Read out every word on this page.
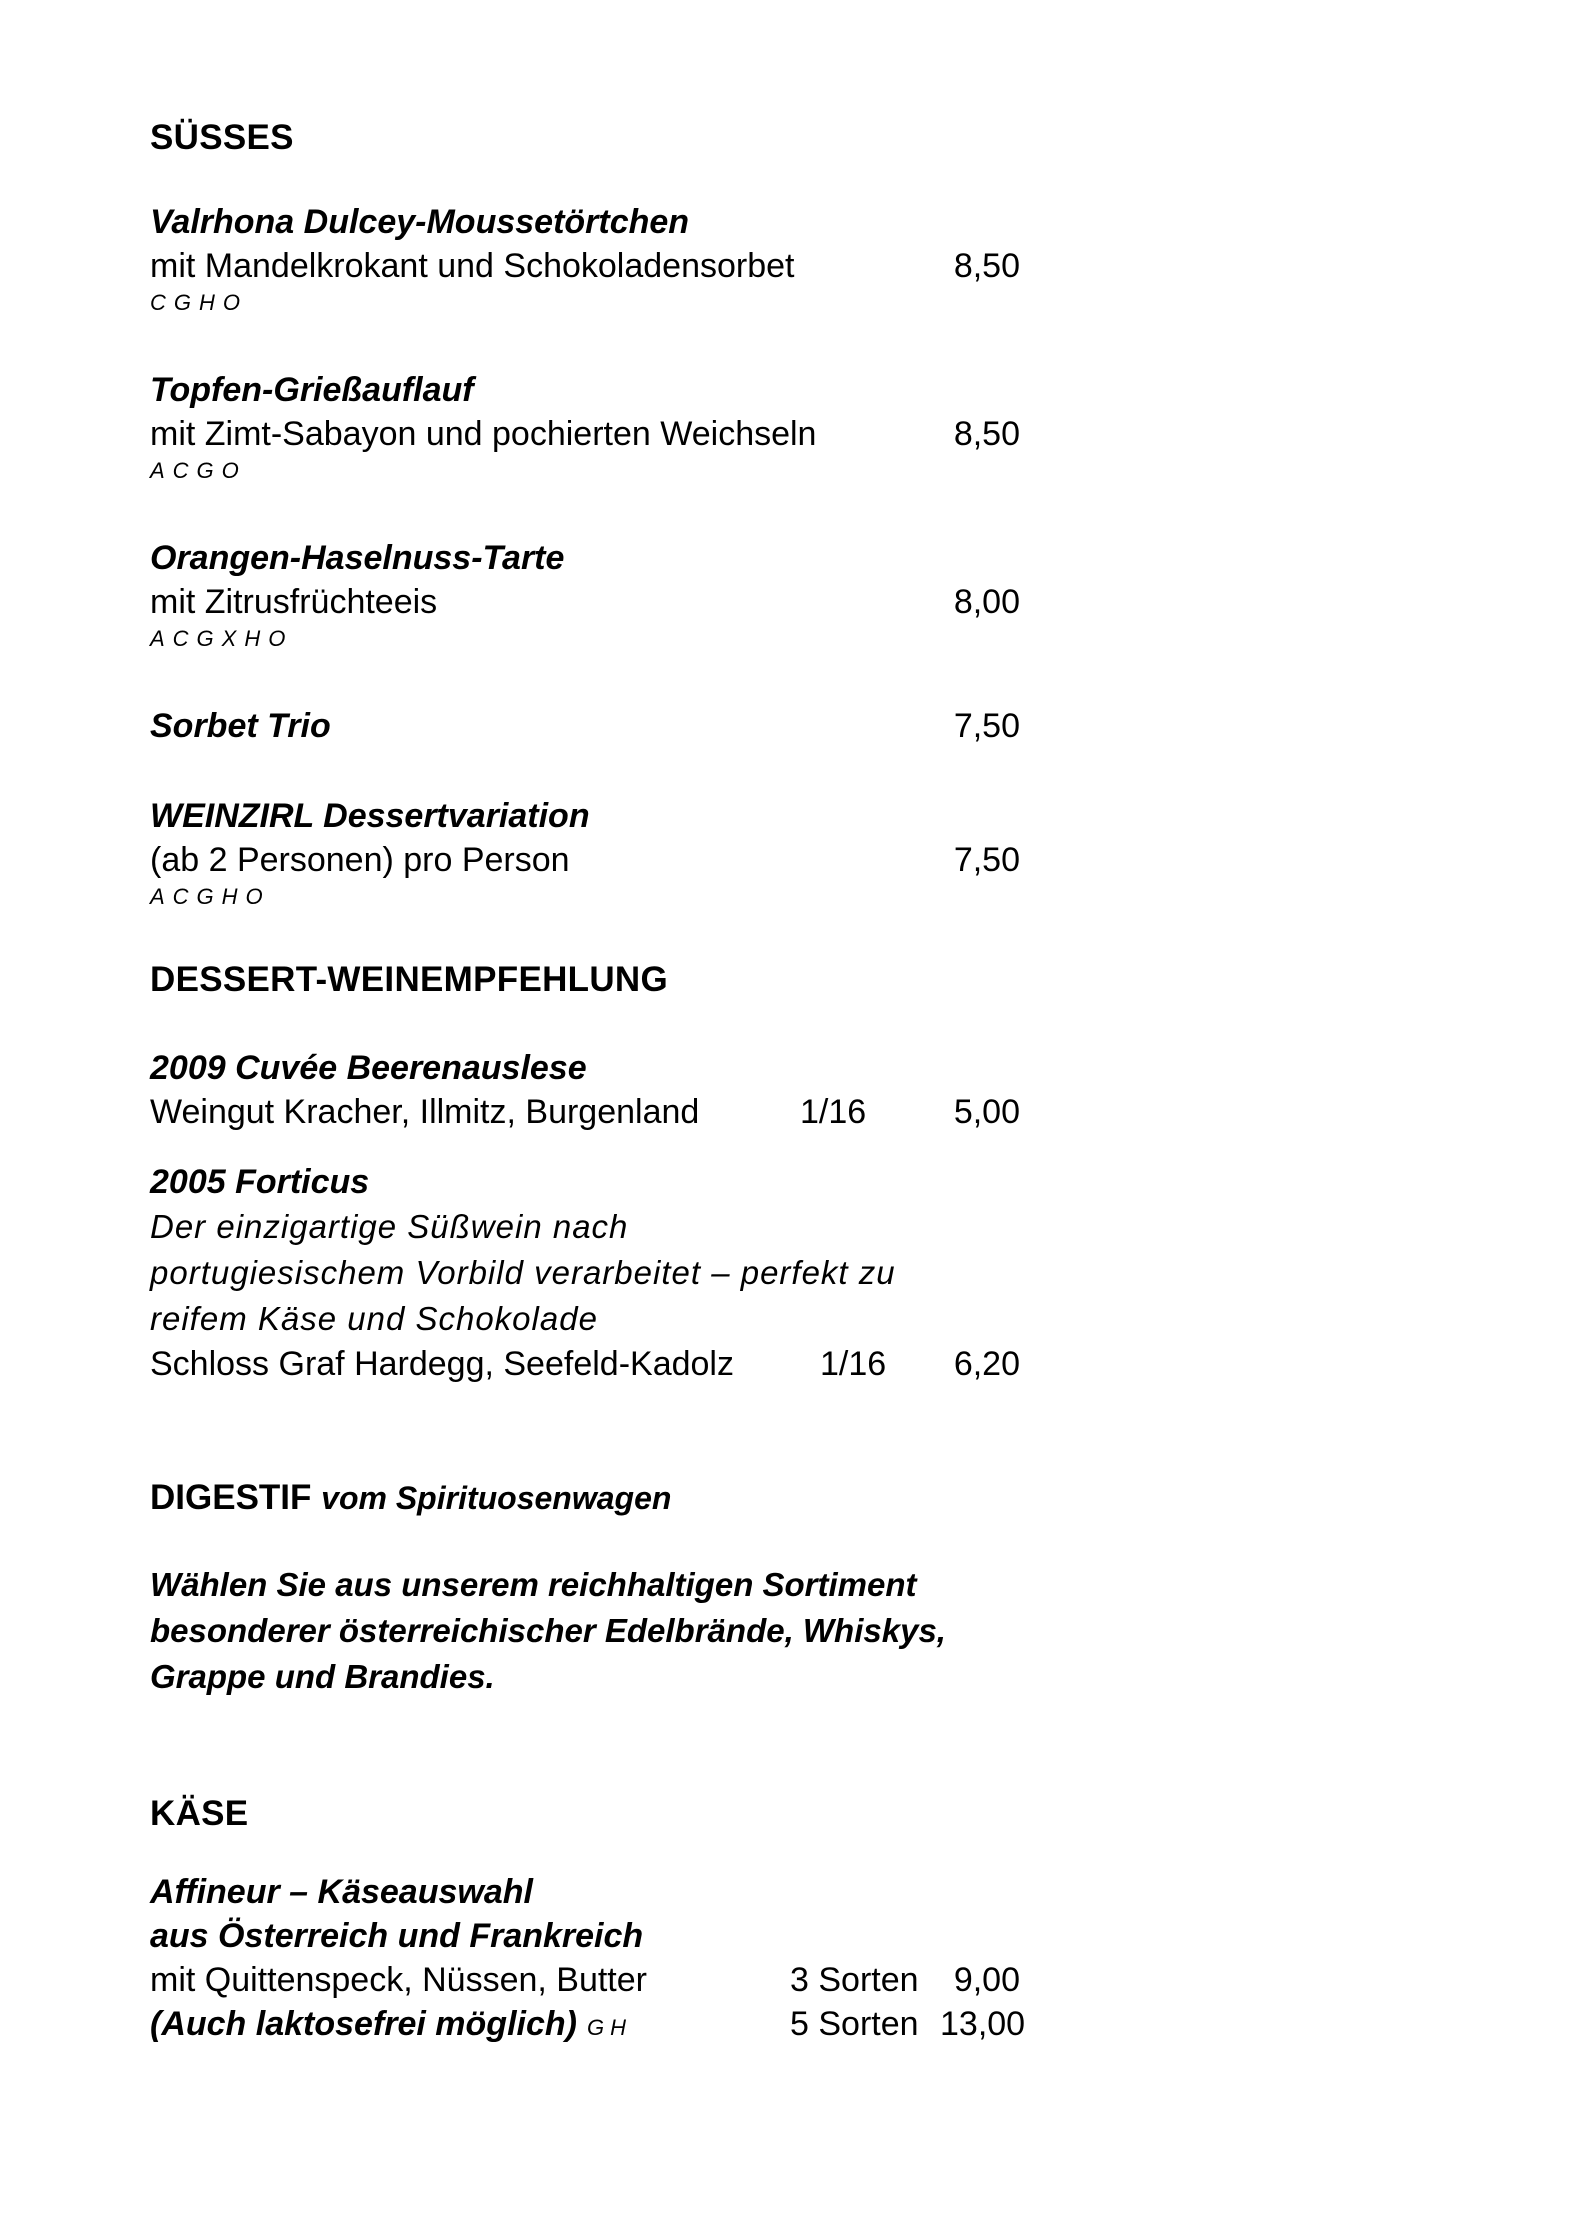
SÜSSES
Valrhona Dulcey-Moussetörtchen
mit Mandelkrokant und Schokoladensorbet	8,50
CGHO
Topfen-Grießauflauf
mit Zimt-Sabayon und pochierten Weichseln	8,50
ACGO
Orangen-Haselnuss-Tarte
mit Zitrusfrüchteeis	8,00
ACGXHO
Sorbet Trio	7,50
WEINZIRL Dessertvariation
(ab 2 Personen) pro Person	7,50
ACGHO
DESSERT-WEINEMPFEHLUNG
2009 Cuvée Beerenauslese
Weingut Kracher, Illmitz, Burgenland	1/16	5,00
2005 Forticus
Der einzigartige Süßwein nach
portugiesischem Vorbild verarbeitet – perfekt zu
reifem Käse und Schokolade
Schloss Graf Hardegg, Seefeld-Kadolz	1/16	6,20
DIGESTIF vom Spirituosenwagen
Wählen Sie aus unserem reichhaltigen Sortiment
besonderer österreichischer Edelbrände, Whiskys,
Grappe und Brandies.
KÄSE
Affineur – Käseauswahl
aus Österreich und Frankreich
mit Quittenspeck, Nüssen, Butter	3 Sorten	9,00
(Auch laktosefrei möglich) GH	5 Sorten 13,00
